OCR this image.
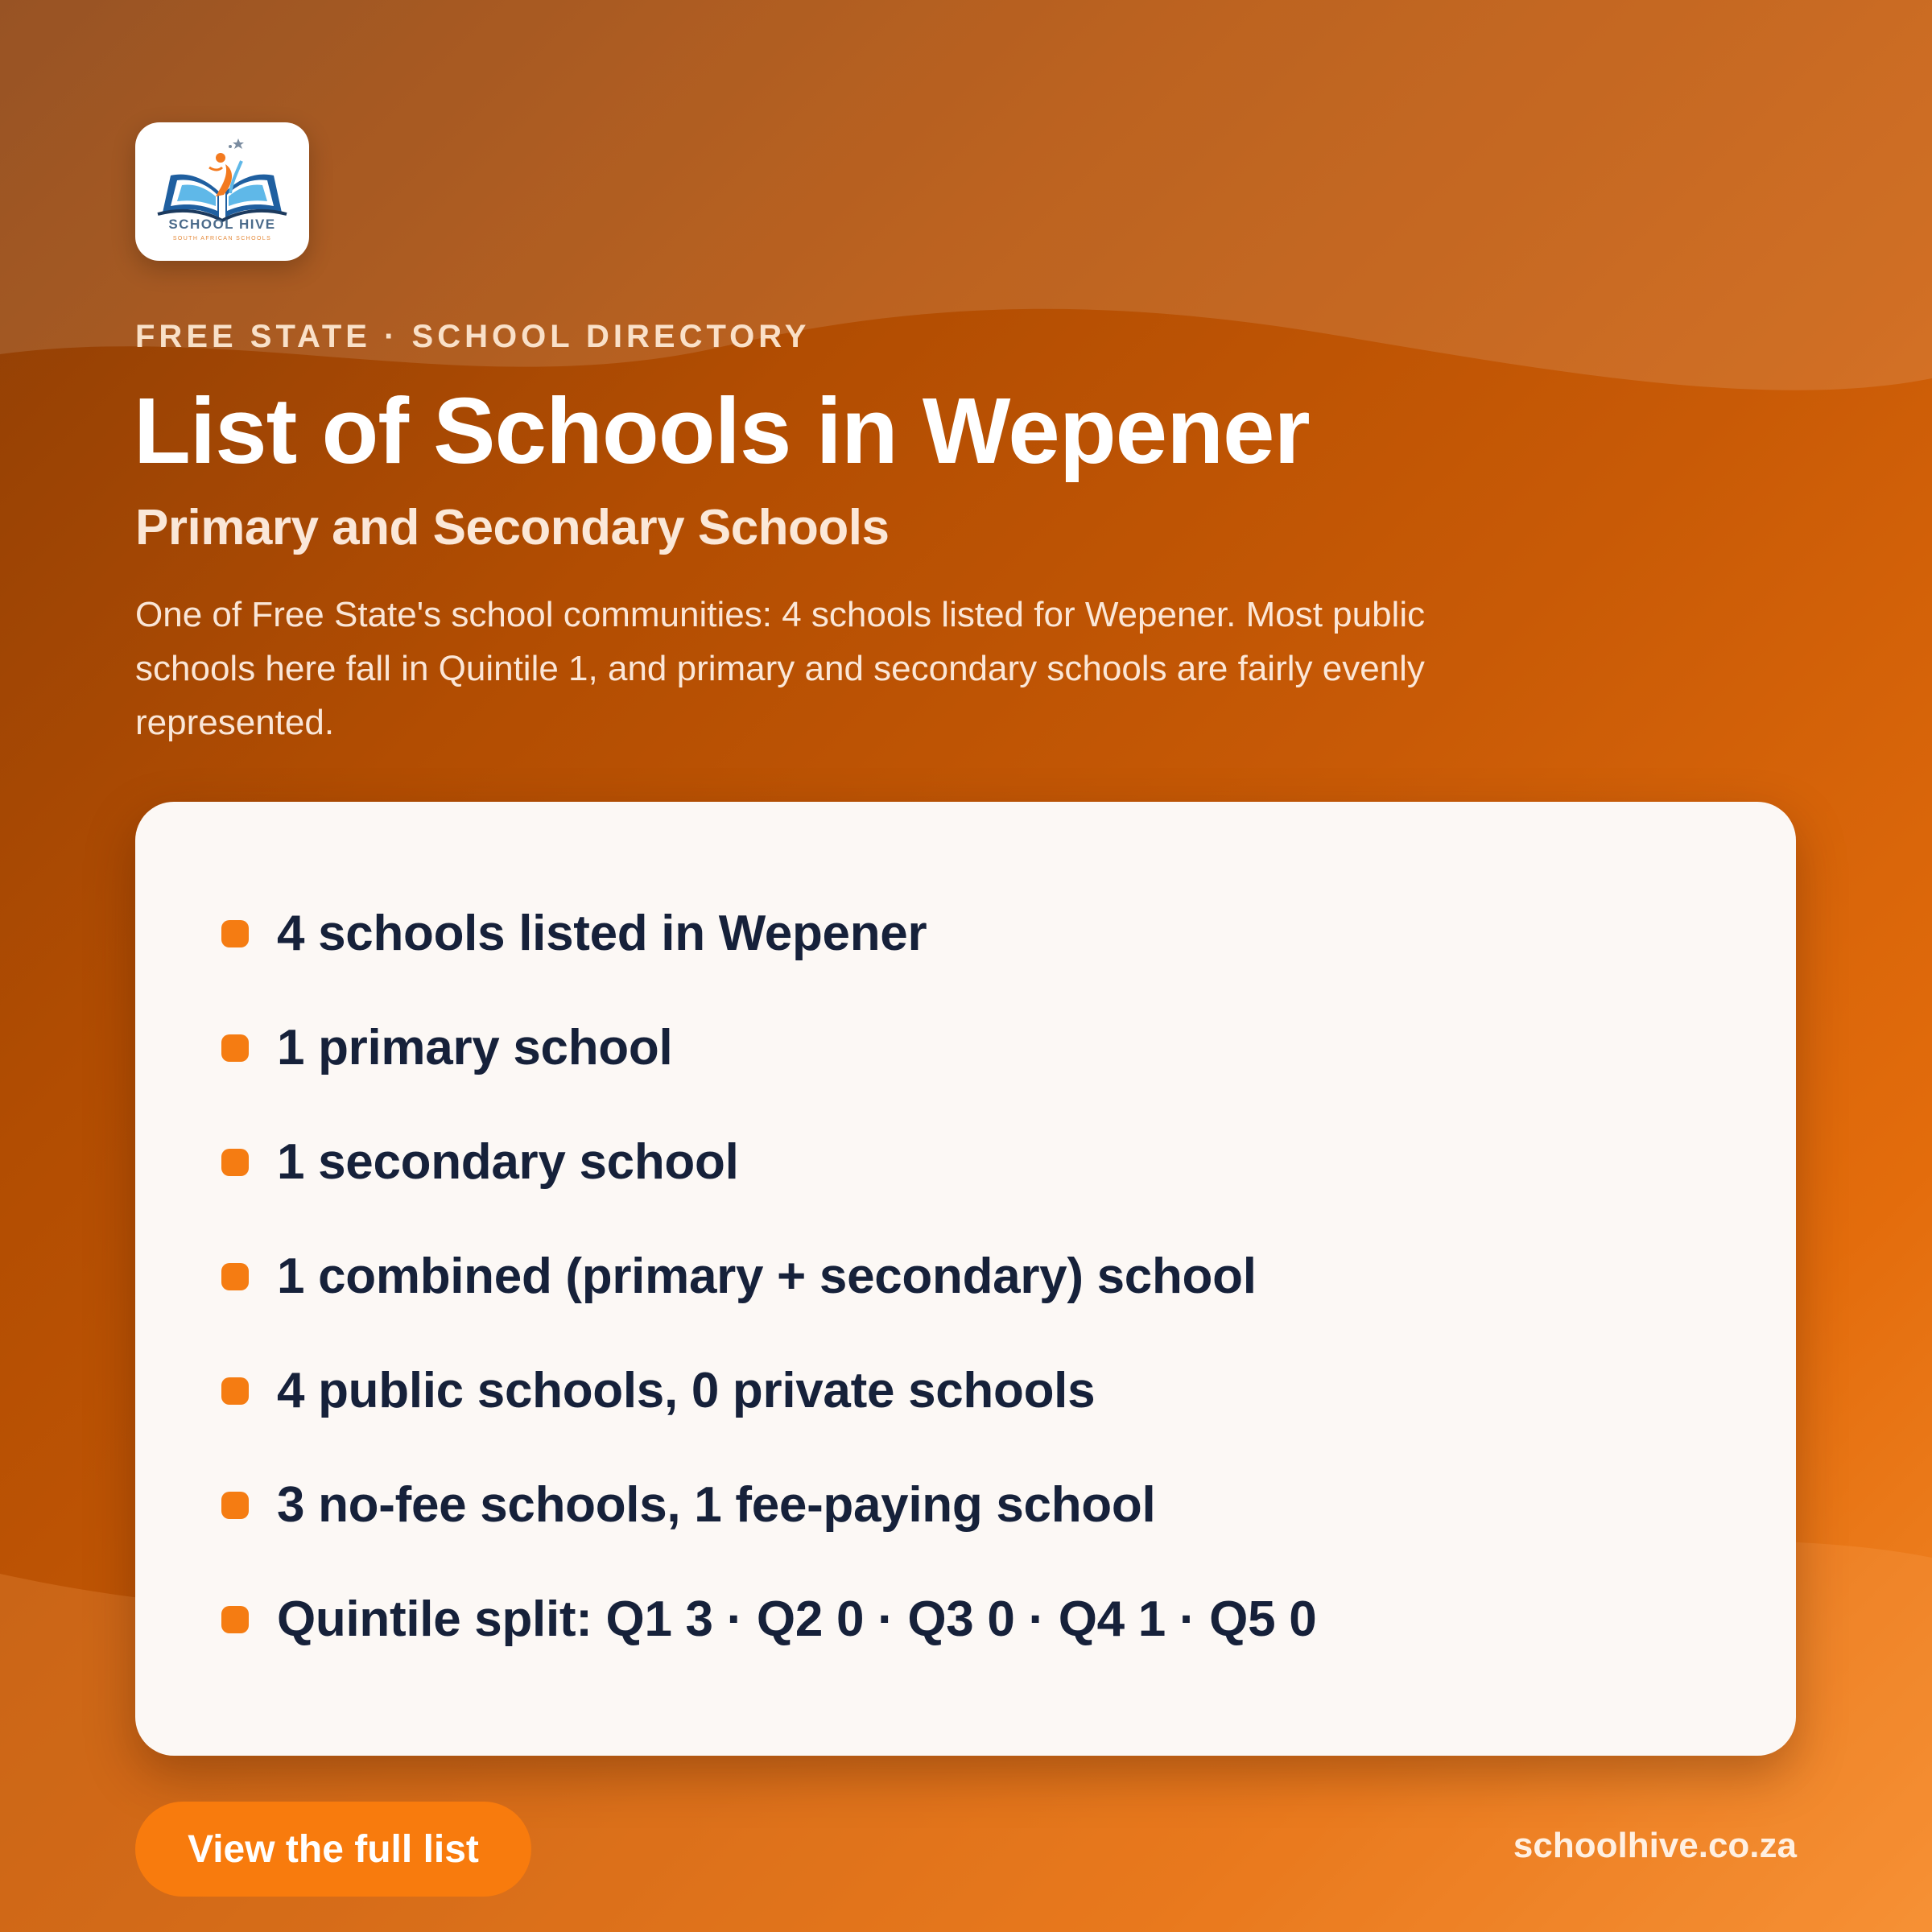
SCHOOL HIVE
SOUTH AFRICAN SCHOOLS
FREE STATE · SCHOOL DIRECTORY
List of Schools in Wepener
Primary and Secondary Schools

One of Free State's school communities: 4 schools listed for Wepener. Most public schools here fall in Quintile 1, and primary and secondary schools are fairly evenly represented.

4 schools listed in Wepener
1 primary school
1 secondary school
1 combined (primary + secondary) school
4 public schools, 0 private schools
3 no-fee schools, 1 fee-paying school
Quintile split: Q1 3 · Q2 0 · Q3 0 · Q4 1 · Q5 0
View the full list	schoolhive.co.za
